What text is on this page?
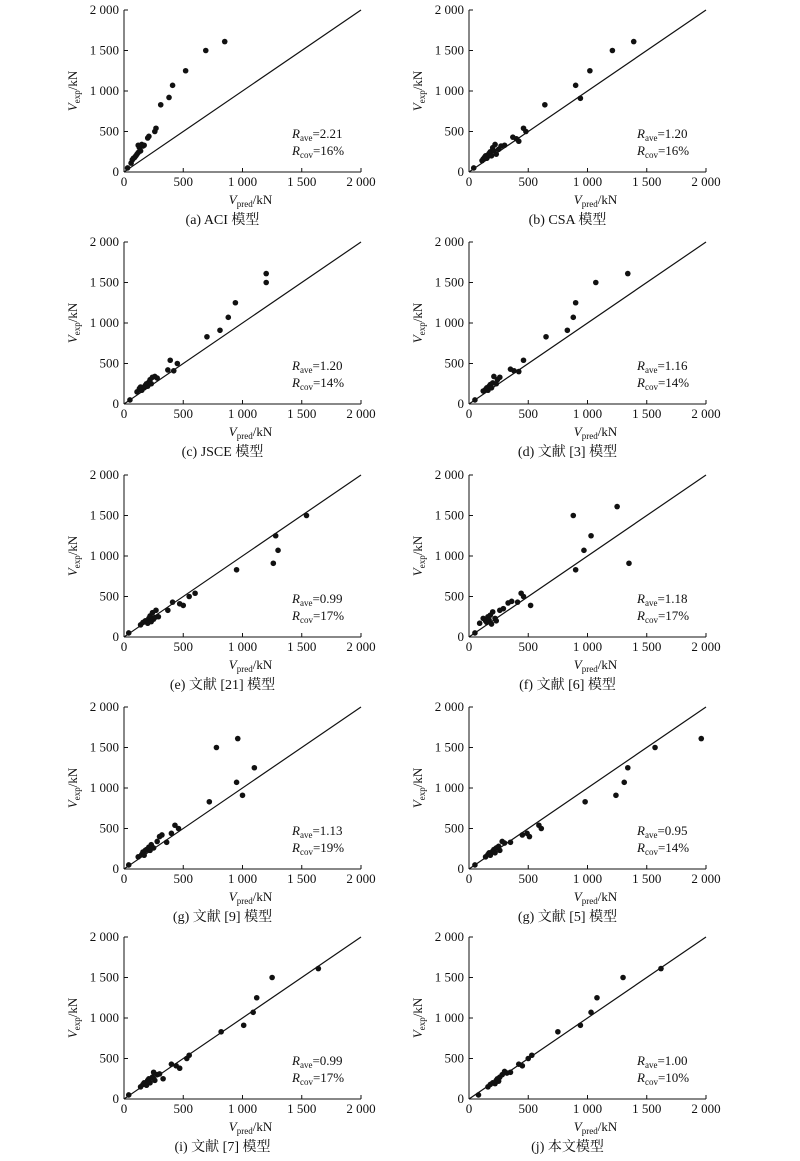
0	500	1 000 1 500 2 000
0
500
1 000
1 500
2 000
$V_{pred}/kN$
$V_{exp}/kN$
$R_{ave}=2.21$
$R_{cov}=16\%$
(a) ACI 模型
0	500	1 000 1 500 2 000
0
500
1 000
1 500
2 000
$V_{pred}/kN$
$V_{exp}/kN$
$R_{ave}=1.20$
$R_{cov}=16\%$
(b) CSA 模型
0	500	1 000 1 500 2 000
0
500
1 000
1 500
2 000
$V_{pred}/kN$
$V_{exp}/kN$
$R_{ave}=1.20$
$R_{cov}=14\%$
(c) JSCE 模型
0	500	1 000 1 500 2 000
0
500
1 000
1 500
2 000
$V_{pred}/kN$
$V_{exp}/kN$
$R_{ave}=1.16$
$R_{cov}=14\%$
(d) 文献 [3] 模型
0	500	1 000 1 500 2 000
0
500
1 000
1 500
2 000
$V_{pred}/kN$
$V_{exp}/kN$
$R_{ave}=0.99$
$R_{cov}=17\%$
(e) 文献 [21] 模型
0	500	1 000 1 500 2 000
0
500
1 000
1 500
2 000
$V_{pred}/kN$
$V_{exp}/kN$
$R_{ave}=1.18$
$R_{cov}=17\%$
(f) 文献 [6] 模型
0	500	1 000 1 500 2 000
0
500
1 000
1 500
2 000
$V_{pred}/kN$
$V_{exp}/kN$
$R_{ave}=1.13$
$R_{cov}=19\%$
(g) 文献 [9] 模型
0	500	1 000 1 500 2 000
0
500
1 000
1 500
2 000
$V_{pred}/kN$
$V_{exp}/kN$
$R_{ave}=0.95$
$R_{cov}=14\%$
(g) 文献 [5] 模型
0	500	1 000 1 500 2 000
0
500
1 000
1 500
2 000
$V_{pred}/kN$
$V_{exp}/kN$
$R_{ave}=0.99$
$R_{cov}=17\%$
(i) 文献 [7] 模型
0	500	1 000 1 500 2 000
0
500
1 000
1 500
2 000
$V_{pred}/kN$
$V_{exp}/kN$
$R_{ave}=1.00$
$R_{cov}=10\%$
(j) 本文模型
